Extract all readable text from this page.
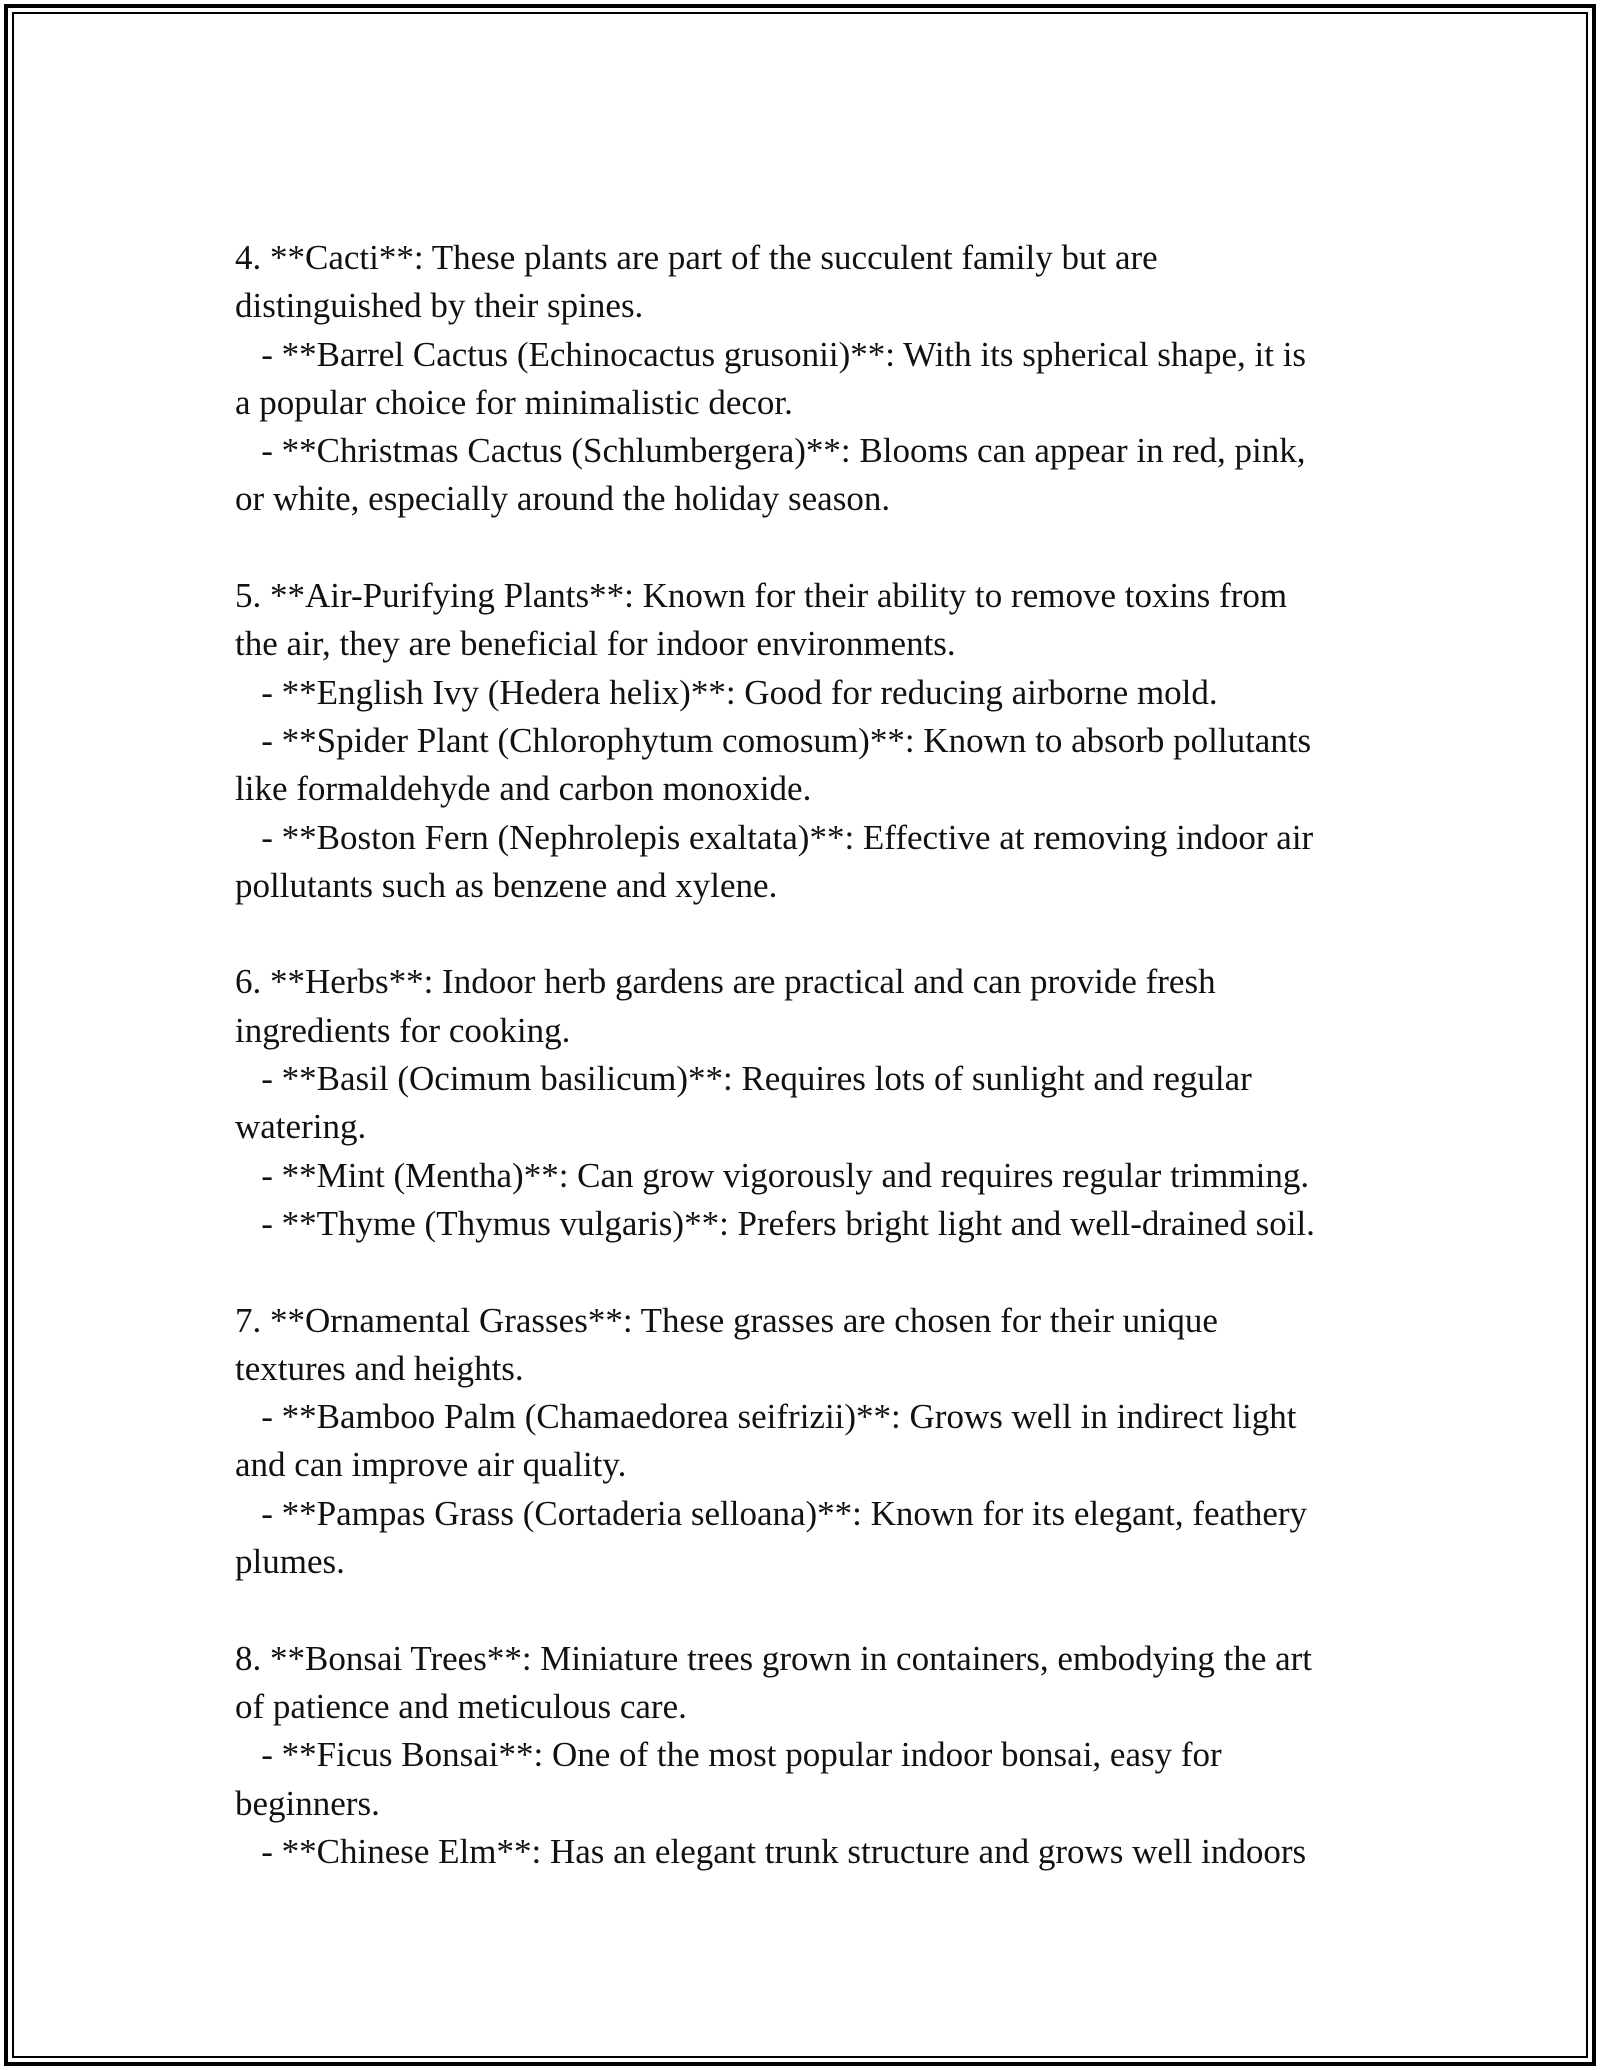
4. **Cacti**: These plants are part of the succulent family but are
distinguished by their spines.
- **Barrel Cactus (Echinocactus grusonii)**: With its spherical shape, it is
a popular choice for minimalistic decor.
- **Christmas Cactus (Schlumbergera)**: Blooms can appear in red, pink,
or white, especially around the holiday season.
5. **Air-Purifying Plants**: Known for their ability to remove toxins from
the air, they are beneficial for indoor environments.
- **English Ivy (Hedera helix)**: Good for reducing airborne mold.
- **Spider Plant (Chlorophytum comosum)**: Known to absorb pollutants
like formaldehyde and carbon monoxide.
- **Boston Fern (Nephrolepis exaltata)**: Effective at removing indoor air
pollutants such as benzene and xylene.
6. **Herbs**: Indoor herb gardens are practical and can provide fresh
ingredients for cooking.
- **Basil (Ocimum basilicum)**: Requires lots of sunlight and regular
watering.
- **Mint (Mentha)**: Can grow vigorously and requires regular trimming.
- **Thyme (Thymus vulgaris)**: Prefers bright light and well-drained soil.
7. **Ornamental Grasses**: These grasses are chosen for their unique
textures and heights.
- **Bamboo Palm (Chamaedorea seifrizii)**: Grows well in indirect light
and can improve air quality.
- **Pampas Grass (Cortaderia selloana)**: Known for its elegant, feathery
plumes.
8. **Bonsai Trees**: Miniature trees grown in containers, embodying the art
of patience and meticulous care.
- **Ficus Bonsai**: One of the most popular indoor bonsai, easy for
beginners.
- **Chinese Elm**: Has an elegant trunk structure and grows well indoors
